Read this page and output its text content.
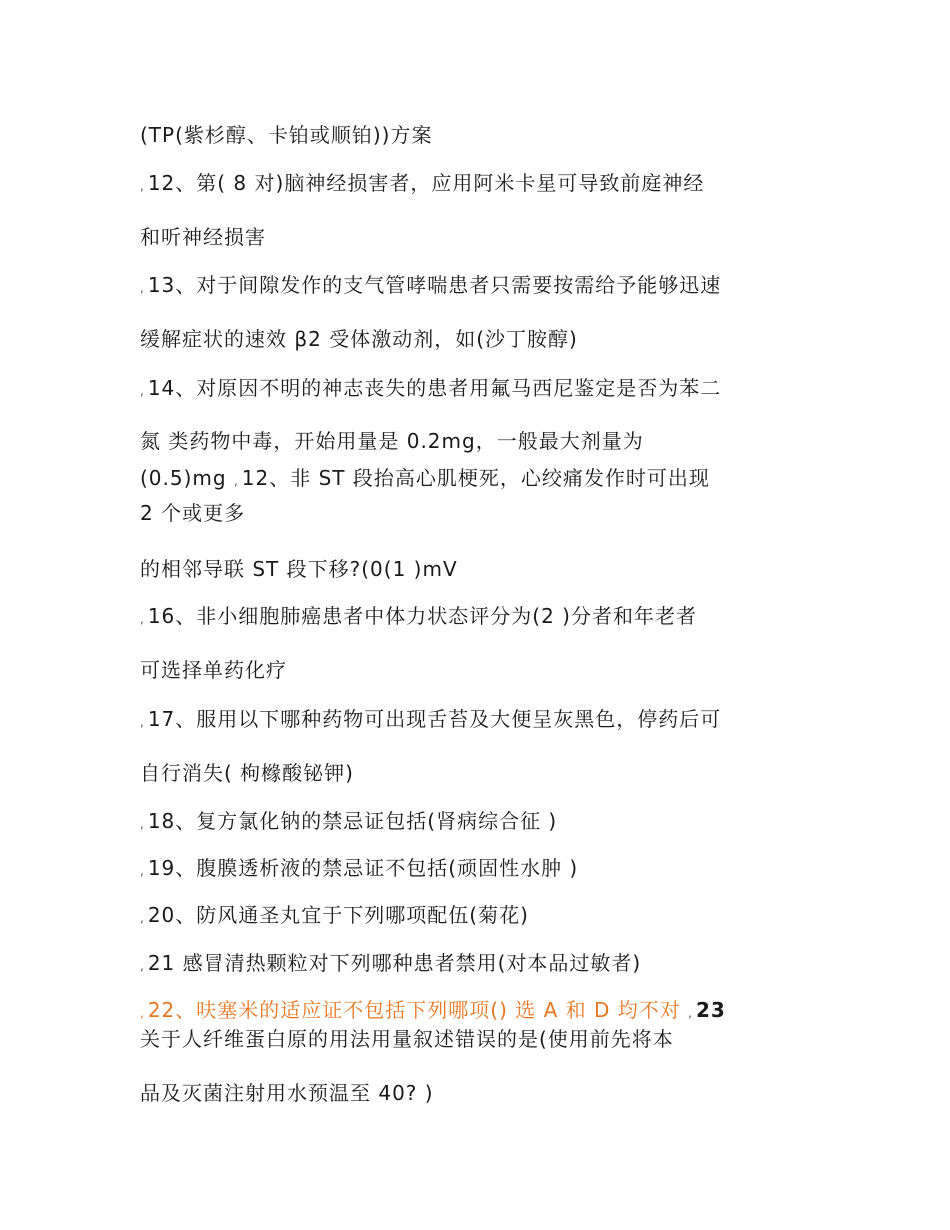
(TP(紫杉醇、卡铂或顺铂))方案
, 12、第( 8 对)脑神经损害者，应用阿米卡星可导致前庭神经
和听神经损害
, 13、对于间隙发作的支气管哮喘患者只需要按需给予能够迅速
缓解症状的速效 β2 受体激动剂，如(沙丁胺醇)
, 14、对原因不明的神志丧失的患者用氟马西尼鉴定是否为苯二
氮 类药物中毒，开始用量是 0.2mg，一般最大剂量为
(0.5)mg , 12、非 ST 段抬高心肌梗死，心绞痛发作时可出现
2 个或更多
的相邻导联 ST 段下移?(0(1 )mV
, 16、非小细胞肺癌患者中体力状态评分为(2 )分者和年老者
可选择单药化疗
, 17、服用以下哪种药物可出现舌苔及大便呈灰黑色，停药后可
自行消失( 枸橼酸铋钾)
, 18、复方氯化钠的禁忌证包括(肾病综合征 )
, 19、腹膜透析液的禁忌证不包括(顽固性水肿 )
, 20、防风通圣丸宜于下列哪项配伍(菊花)
, 21 感冒清热颗粒对下列哪种患者禁用(对本品过敏者)
, 22、呋塞米的适应证不包括下列哪项() 选 A 和 D 均不对 , 23
关于人纤维蛋白原的用法用量叙述错误的是(使用前先将本
品及灭菌注射用水预温至 40? )
